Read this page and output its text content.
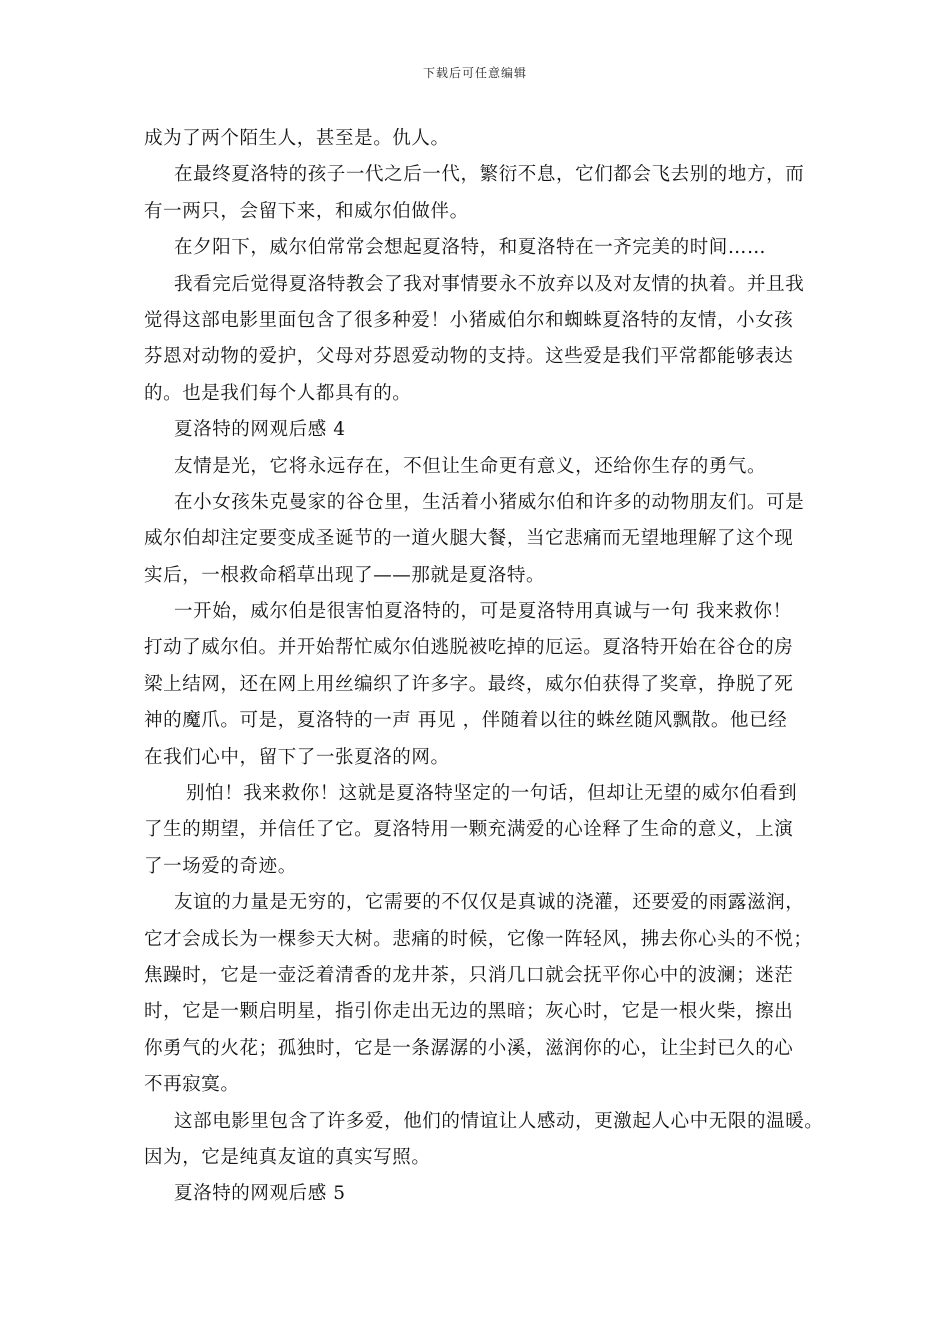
下载后可任意编辑
成为了两个陌生人，甚至是。仇人。
在最终夏洛特的孩子一代之后一代，繁衍不息，它们都会飞去别的地方，而
有一两只，会留下来，和威尔伯做伴。
在夕阳下，威尔伯常常会想起夏洛特，和夏洛特在一齐完美的时间……
我看完后觉得夏洛特教会了我对事情要永不放弃以及对友情的执着。并且我
觉得这部电影里面包含了很多种爱！小猪威伯尔和蜘蛛夏洛特的友情，小女孩
芬恩对动物的爱护，父母对芬恩爱动物的支持。这些爱是我们平常都能够表达
的。也是我们每个人都具有的。
夏洛特的网观后感 4
友情是光，它将永远存在，不但让生命更有意义，还给你生存的勇气。
在小女孩朱克曼家的谷仓里，生活着小猪威尔伯和许多的动物朋友们。可是
威尔伯却注定要变成圣诞节的一道火腿大餐，当它悲痛而无望地理解了这个现
实后，一根救命稻草出现了——那就是夏洛特。
一开始，威尔伯是很害怕夏洛特的，可是夏洛特用真诚与一句 我来救你！
打动了威尔伯。并开始帮忙威尔伯逃脱被吃掉的厄运。夏洛特开始在谷仓的房
梁上结网，还在网上用丝编织了许多字。最终，威尔伯获得了奖章，挣脱了死
神的魔爪。可是，夏洛特的一声 再见 ，伴随着以往的蛛丝随风飘散。他已经
在我们心中，留下了一张夏洛的网。
别怕！我来救你！这就是夏洛特坚定的一句话，但却让无望的威尔伯看到
了生的期望，并信任了它。夏洛特用一颗充满爱的心诠释了生命的意义，上演
了一场爱的奇迹。
友谊的力量是无穷的，它需要的不仅仅是真诚的浇灌，还要爱的雨露滋润，
它才会成长为一棵参天大树。悲痛的时候，它像一阵轻风，拂去你心头的不悦；
焦躁时，它是一壶泛着清香的龙井茶，只消几口就会抚平你心中的波澜；迷茫
时，它是一颗启明星，指引你走出无边的黑暗；灰心时，它是一根火柴，擦出
你勇气的火花；孤独时，它是一条潺潺的小溪，滋润你的心，让尘封已久的心
不再寂寞。
这部电影里包含了许多爱，他们的情谊让人感动，更激起人心中无限的温暖。
因为，它是纯真友谊的真实写照。
夏洛特的网观后感 5
